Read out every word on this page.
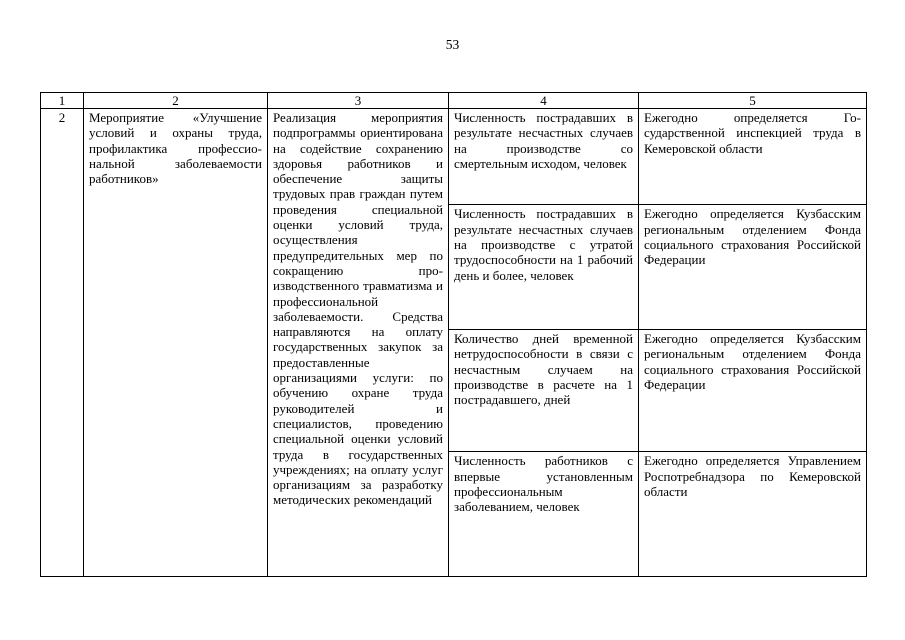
53
1	2	3	4	5
2	Мероприятие «Улучшение условий и охраны труда, профилактика профессиональной заболеваемости работников»	Реализация мероприятия подпрограммы ориентирована на содействие сохранению здоровья работников и обеспечение защиты трудовых прав граждан путем проведения специальной оценки условий труда, осуществления предупредительных мер по сокращению производственного травматизма и профессиональной заболеваемости. Средства направляются на оплату государственных закупок за предоставленные организациями услуги: по обучению охране труда руководителей и специалистов, проведению специальной оценки условий труда в государственных учреждениях; на оплату услуг организациям за разработку методических рекомендаций	Численность пострадавших в результате несчастных случаев на производстве со смертельным исходом, человек	Ежегодно определяется Государственной инспекцией труда в Кемеровской области
			Численность пострадавших в результате несчастных случаев на производстве с утратой трудоспособности на 1 рабочий день и более, человек	Ежегодно определяется Кузбасским региональным отделением Фонда социального страхования Российской Федерации
			Количество дней временной нетрудоспособности в связи с несчастным случаем на производстве в расчете на 1 пострадавшего, дней	Ежегодно определяется Кузбасским региональным отделением Фонда социального страхования Российской Федерации
			Численность работников с впервые установленным профессиональным заболеванием, человек	Ежегодно определяется Управлением Роспотребнадзора по Кемеровской области
